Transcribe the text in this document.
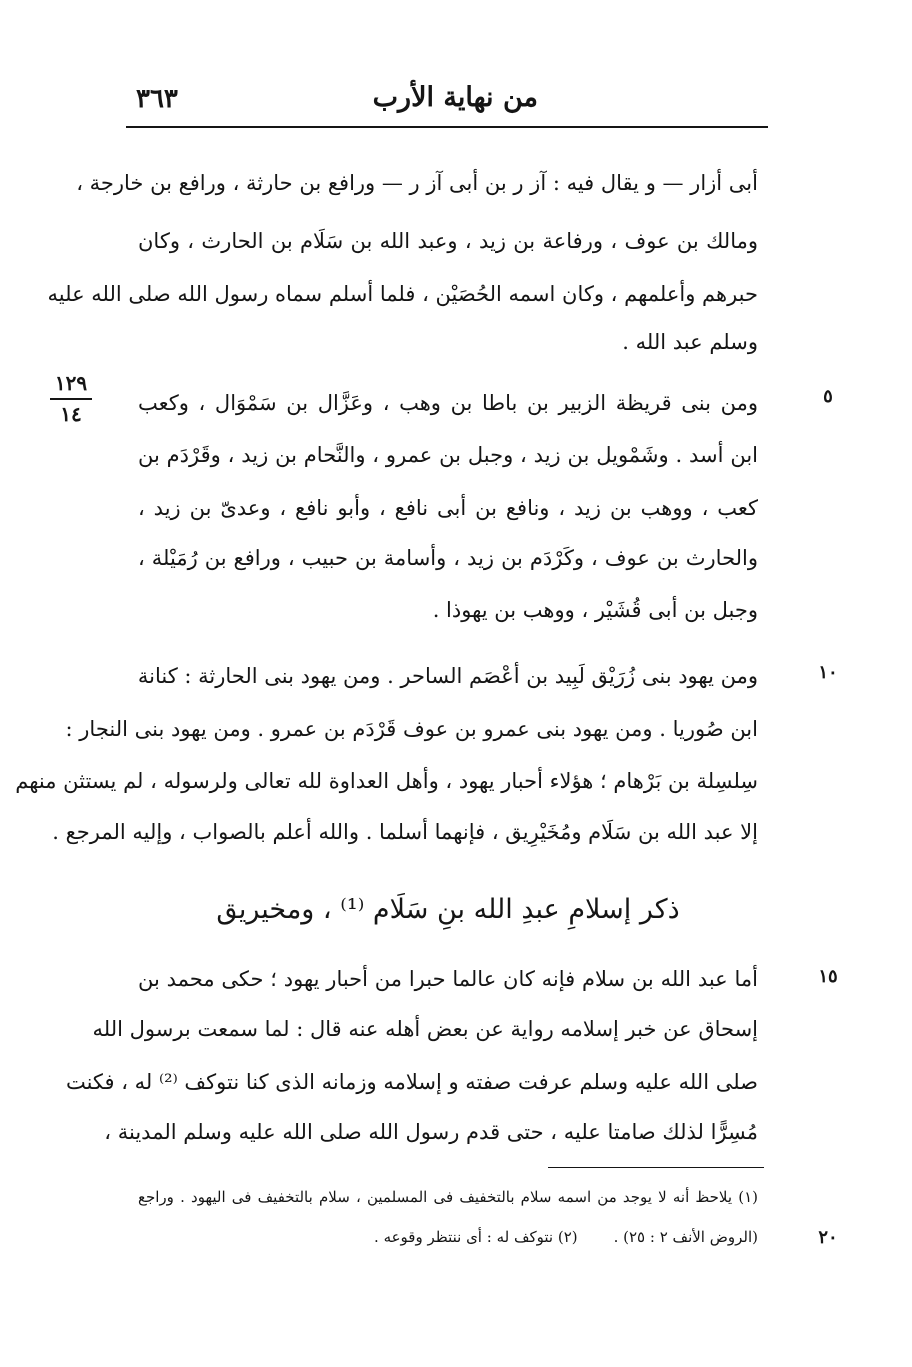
من نهاية الأرب
٣٦٣
١٢٩
١٤
٥
١٠
١٥
٢٠
أبى أزار — و يقال فيه : آز ر بن أبى آز ر — ورافع بن حارثة ، ورافع بن خارجة ،
ومالك بن عوف ، ورفاعة بن زيد ، وعبد الله بن سَلَام بن الحارث ، وكان
حبرهم وأعلمهم ، وكان اسمه الحُصَيْن ، فلما أسلم سماه رسول الله صلى الله عليه
وسلم عبد الله .
ومن بنى قريظة الزبير بن باطا بن وهب ، وعَزَّال بن سَمْوَال ، وكعب
ابن أسد . وشَمْويل بن زيد ، وجبل بن عمرو ، والنَّحام بن زيد ، وقَرْدَم بن
كعب ، ووهب بن زيد ، ونافع بن أبى نافع ، وأبو نافع ، وعدىّ بن زيد ،
والحارث بن عوف ، وكَرْدَم بن زيد ، وأسامة بن حبيب ، ورافع بن رُمَيْلة ،
وجبل بن أبى قُشَيْر ، ووهب بن يهوذا .
ومن يهود بنى زُرَيْق لَبِيد بن أعْصَم الساحر . ومن يهود بنى الحارثة : كنانة
ابن صُوريا . ومن يهود بنى عمرو بن عوف قَرْدَم بن عمرو . ومن يهود بنى النجار :
سِلسِلة بن بَرْهام ؛ هؤلاء أحبار يهود ، وأهل العداوة لله تعالى ولرسوله ، لم يستثن منهم
إلا عبد الله بن سَلَام ومُخَيْرِيق ، فإنهما أسلما . والله أعلم بالصواب ، وإليه المرجع .
ذكر إسلامِ عبدِ الله بنِ سَلَام ⁽¹⁾ ، ومخيريق
أما عبد الله بن سلام فإنه كان عالما حبرا من أحبار يهود ؛ حكى محمد بن
إسحاق عن خبر إسلامه رواية عن بعض أهله عنه قال : لما سمعت برسول الله
صلى الله عليه وسلم عرفت صفته و إسلامه وزمانه الذى كنا نتوكف ⁽²⁾ له ، فكنت
مُسِرًّا لذلك صامتا عليه ، حتى قدم رسول الله صلى الله عليه وسلم المدينة ،
(١) يلاحظ أنه لا يوجد من اسمه سلام بالتخفيف فى المسلمين ، سلام بالتخفيف فى اليهود . وراجع
(الروض الأنف ٢ : ٢٥) .(٢) نتوكف له : أى ننتظر وقوعه .
